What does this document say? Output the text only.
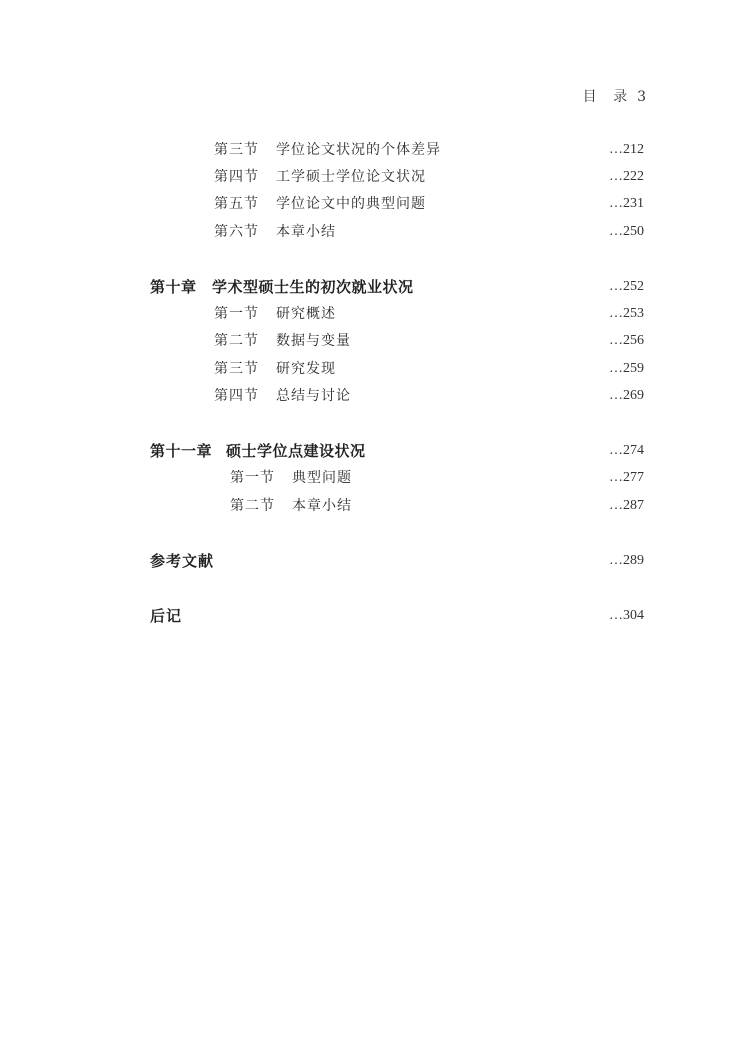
目 录 3
第三节 学位论文状况的个体差异	…212
第四节 工学硕士学位论文状况	…222
第五节 学位论文中的典型问题	…231
第六节 本章小结	…250
第十章 学术型硕士生的初次就业状况	…252
第一节 研究概述	…253
第二节 数据与变量	…256
第三节 研究发现	…259
第四节 总结与讨论	…269
第十一章 硕士学位点建设状况	…274
第一节 典型问题	…277
第二节 本章小结	…287
参考文献	…289
后记	…304
